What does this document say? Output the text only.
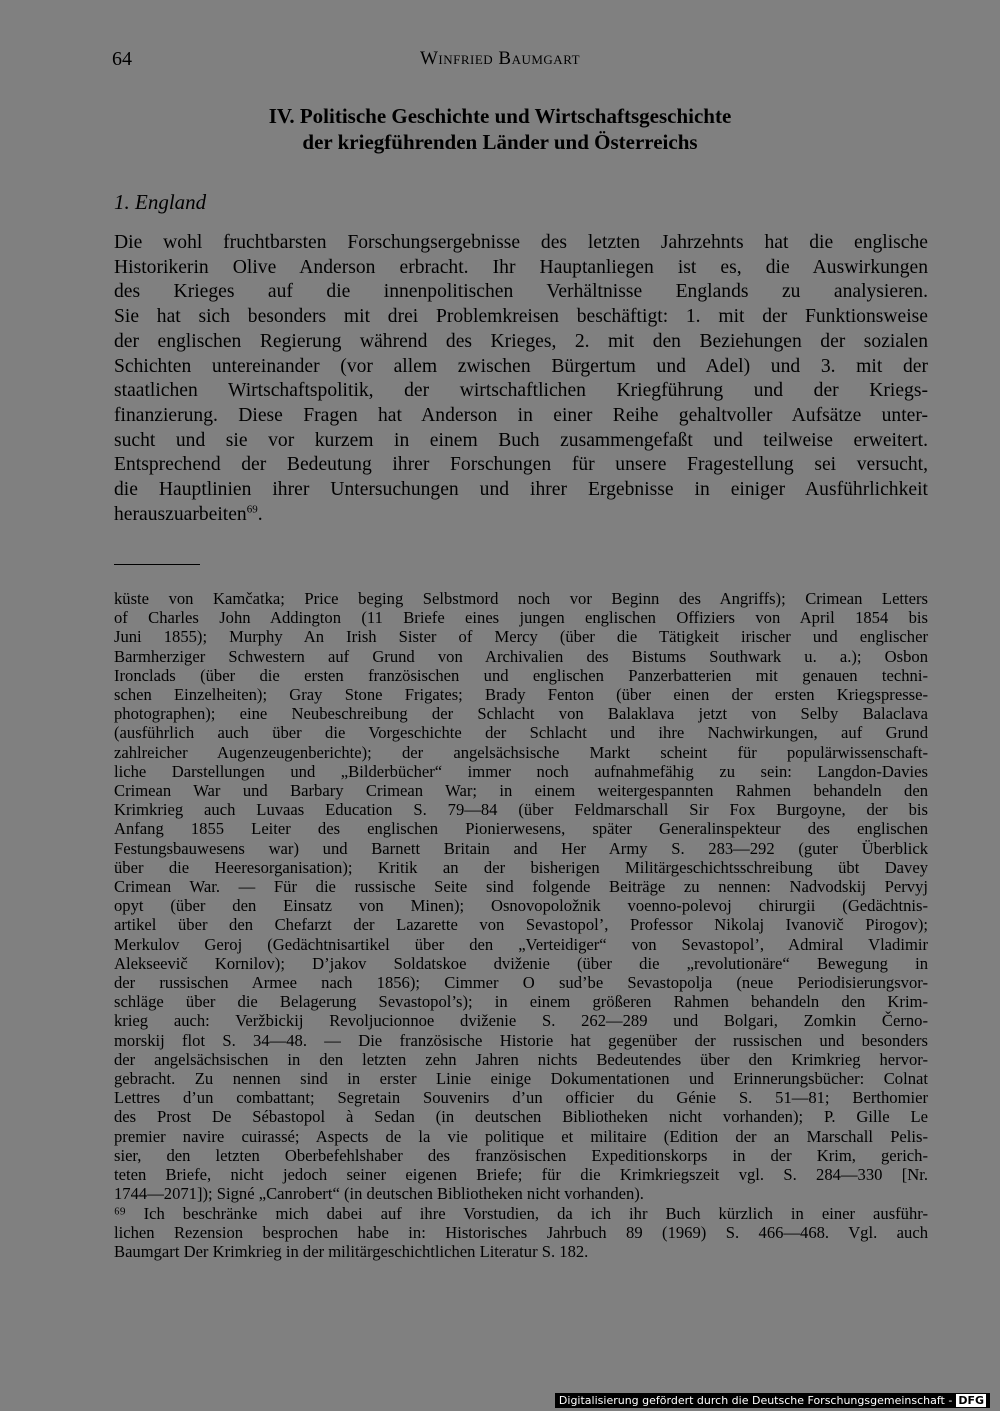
64	Winfried Baumgart
IV. Politische Geschichte und Wirtschaftsgeschichte
der kriegführenden Länder und Österreichs
1. England
Die wohl fruchtbarsten Forschungsergebnisse des letzten Jahrzehnts hat die englische
Historikerin Olive Anderson erbracht. Ihr Hauptanliegen ist es, die Auswirkungen
des Krieges auf die innenpolitischen Verhältnisse Englands zu analysieren.
Sie hat sich besonders mit drei Problemkreisen beschäftigt: 1. mit der Funktionsweise
der englischen Regierung während des Krieges, 2. mit den Beziehungen der sozialen
Schichten untereinander (vor allem zwischen Bürgertum und Adel) und 3. mit der
staatlichen Wirtschaftspolitik, der wirtschaftlichen Kriegführung und der Kriegs-
finanzierung. Diese Fragen hat Anderson in einer Reihe gehaltvoller Aufsätze unter-
sucht und sie vor kurzem in einem Buch zusammengefaßt und teilweise erweitert.
Entsprechend der Bedeutung ihrer Forschungen für unsere Fragestellung sei versucht,
die Hauptlinien ihrer Untersuchungen und ihrer Ergebnisse in einiger Ausführlichkeit
herauszuarbeiten$^{69}$.
küste von Kamčatka; Price beging Selbstmord noch vor Beginn des Angriffs); Crimean Letters
of Charles John Addington (11 Briefe eines jungen englischen Offiziers von April 1854 bis
Juni 1855); Murphy An Irish Sister of Mercy (über die Tätigkeit irischer und englischer
Barmherziger Schwestern auf Grund von Archivalien des Bistums Southwark u. a.); Osbon
Ironclads (über die ersten französischen und englischen Panzerbatterien mit genauen techni-
schen Einzelheiten); Gray Stone Frigates; Brady Fenton (über einen der ersten Kriegspresse-
photographen); eine Neubeschreibung der Schlacht von Balaklava jetzt von Selby Balaclava
(ausführlich auch über die Vorgeschichte der Schlacht und ihre Nachwirkungen, auf Grund
zahlreicher Augenzeugenberichte); der angelsächsische Markt scheint für populärwissenschaft-
liche Darstellungen und „Bilderbücher“ immer noch aufnahmefähig zu sein: Langdon-Davies
Crimean War und Barbary Crimean War; in einem weitergespannten Rahmen behandeln den
Krimkrieg auch Luvaas Education S. 79—84 (über Feldmarschall Sir Fox Burgoyne, der bis
Anfang 1855 Leiter des englischen Pionierwesens, später Generalinspekteur des englischen
Festungsbauwesens war) und Barnett Britain and Her Army S. 283—292 (guter Überblick
über die Heeresorganisation); Kritik an der bisherigen Militärgeschichtsschreibung übt Davey
Crimean War. — Für die russische Seite sind folgende Beiträge zu nennen: Nadvodskij Pervyj
opyt (über den Einsatz von Minen); Osnovopoložnik voenno-polevoj chirurgii (Gedächtnis-
artikel über den Chefarzt der Lazarette von Sevastopol’, Professor Nikolaj Ivanovič Pirogov);
Merkulov Geroj (Gedächtnisartikel über den „Verteidiger“ von Sevastopol’, Admiral Vladimir
Alekseevič Kornilov); D’jakov Soldatskoe dviženie (über die „revolutionäre“ Bewegung in
der russischen Armee nach 1856); Cimmer O sud’be Sevastopolja (neue Periodisierungsvor-
schläge über die Belagerung Sevastopol’s); in einem größeren Rahmen behandeln den Krim-
krieg auch: Veržbickij Revoljucionnoe dviženie S. 262—289 und Bolgari, Zomkin Černo-
morskij flot S. 34—48. — Die französische Historie hat gegenüber der russischen und besonders
der angelsächsischen in den letzten zehn Jahren nichts Bedeutendes über den Krimkrieg hervor-
gebracht. Zu nennen sind in erster Linie einige Dokumentationen und Erinnerungsbücher: Colnat
Lettres d’un combattant; Segretain Souvenirs d’un officier du Génie S. 51—81; Berthomier
des Prost De Sébastopol à Sedan (in deutschen Bibliotheken nicht vorhanden); P. Gille Le
premier navire cuirassé; Aspects de la vie politique et militaire (Edition der an Marschall Pelis-
sier, den letzten Oberbefehlshaber des französischen Expeditionskorps in der Krim, gerich-
teten Briefe, nicht jedoch seiner eigenen Briefe; für die Krimkriegszeit vgl. S. 284—330 [Nr.
1744—2071]); Signé „Canrobert“ (in deutschen Bibliotheken nicht vorhanden).
⁶⁹ Ich beschränke mich dabei auf ihre Vorstudien, da ich ihr Buch kürzlich in einer ausführ-
lichen Rezension besprochen habe in: Historisches Jahrbuch 89 (1969) S. 466—468. Vgl. auch
Baumgart Der Krimkrieg in der militärgeschichtlichen Literatur S. 182.
Digitalisierung gefördert durch die Deutsche Forschungsgemeinschaft - DFG
